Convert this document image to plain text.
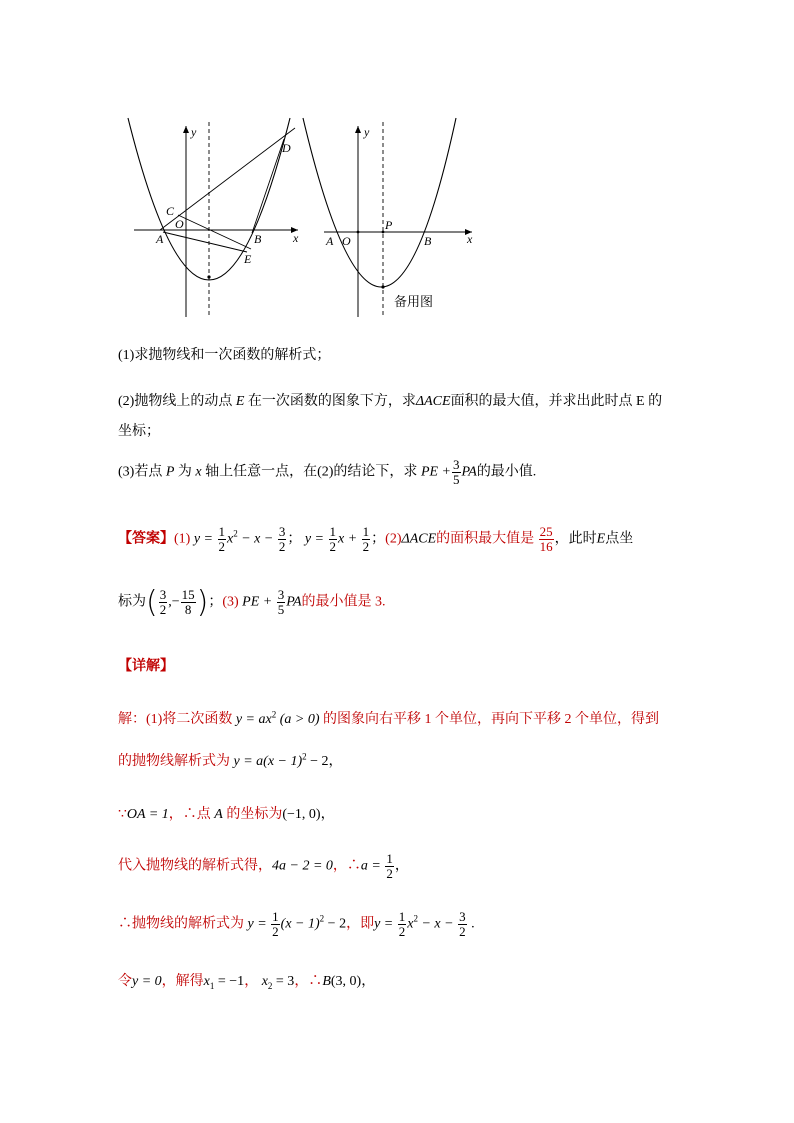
y
x
D
C
O
A	B
E
y
x
P
A O	B
备用图
(1)求抛物线和一次函数的解析式；
(2)抛物线上的动点 E 在一次函数的图象下方，求ΔACE面积的最大值，并求出此时点 E 的
坐标；
(3)若点 P 为 x 轴上任意一点，在(2)的结论下，求 PE + $\frac{3}{5}$ PA的最小值.
【答案】(1) $y = \frac{1}{2} x^2 - x - \frac{3}{2}$ ； $y = \frac{1}{2}$ $x + \frac{1}{2}$ ；(2)ΔACE的面积最大值是 $\frac{25}{16}$ ，此时E点坐
标为( $\frac{3}{2}$ ,− $\frac{15}{8}$ )；(3) PE + $\frac{3}{5}$ PA的最小值是 3.
【详解】
解：(1)将二次函数 $y = ax^2$ (a > 0) 的图象向右平移 1 个单位，再向下平移 2 个单位，得到
的抛物线解析式为 $y = a(x - 1)^2 - 2$，
∵OA = 1，∴点 A 的坐标为(−1, 0)，
代入抛物线的解析式得，4a − 2 = 0，∴a = $\frac{1}{2}$ ，
∴抛物线的解析式为 $y = \frac{1}{2} (x - 1)^2 - 2$，即$y = \frac{1}{2} x^2 - x - \frac{3}{2}$ .
令y = 0，解得$x_1 = -1$， $x_2 = 3$，∴B(3, 0)，
